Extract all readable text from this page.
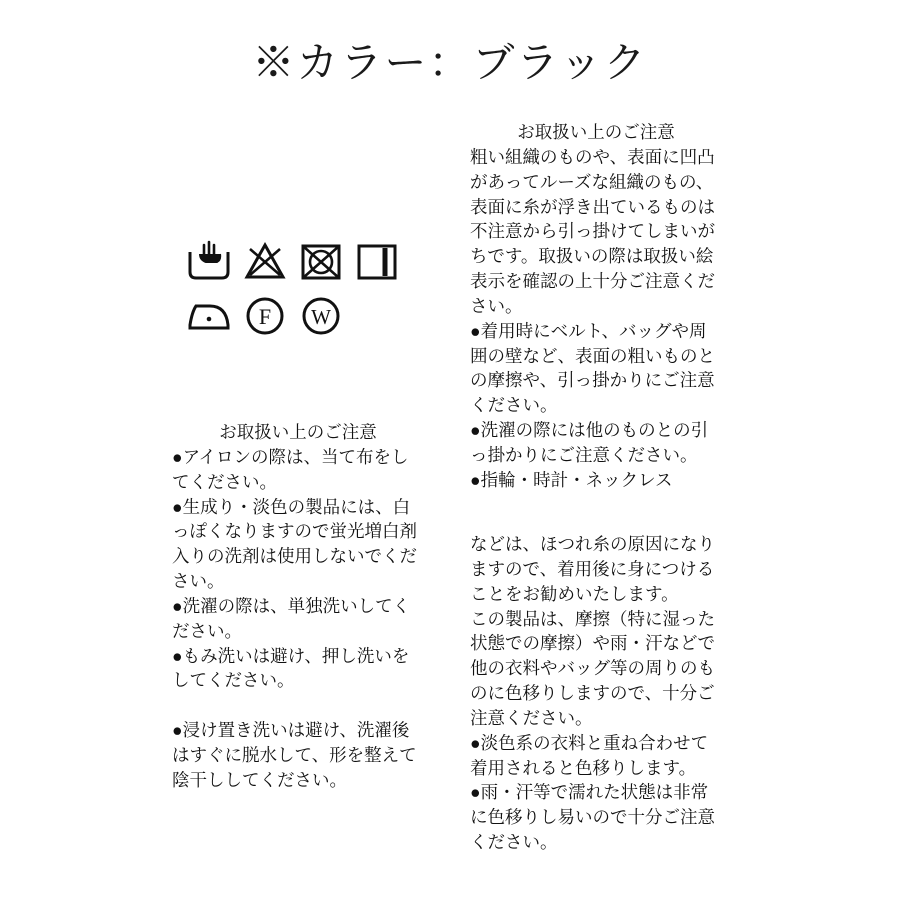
※カラー：ブラック
F W

お取扱い上のご注意

●アイロンの際は、当て布をしてください。

●生成り・淡色の製品には、白っぽくなりますので蛍光増白剤入りの洗剤は使用しないでください。

●洗濯の際は、単独洗いしてください。

●もみ洗いは避け、押し洗いをしてください。

●浸け置き洗いは避け、洗濯後はすぐに脱水して、形を整えて陰干ししてください。

お取扱い上のご注意

粗い組織のものや、表面に凹凸があってルーズな組織のもの、表面に糸が浮き出ているものは不注意から引っ掛けてしまいがちです。取扱いの際は取扱い絵表示を確認の上十分ご注意ください。

●着用時にベルト、バッグや周囲の壁など、表面の粗いものとの摩擦や、引っ掛かりにご注意ください。

●洗濯の際には他のものとの引っ掛かりにご注意ください。

●指輪・時計・ネックレス

などは、ほつれ糸の原因になりますので、着用後に身につけることをお勧めいたします。

この製品は、摩擦（特に湿った状態での摩擦）や雨・汗などで他の衣料やバッグ等の周りのものに色移りしますので、十分ご注意ください。

●淡色系の衣料と重ね合わせて着用されると色移りします。

●雨・汗等で濡れた状態は非常に色移りし易いので十分ご注意ください。
